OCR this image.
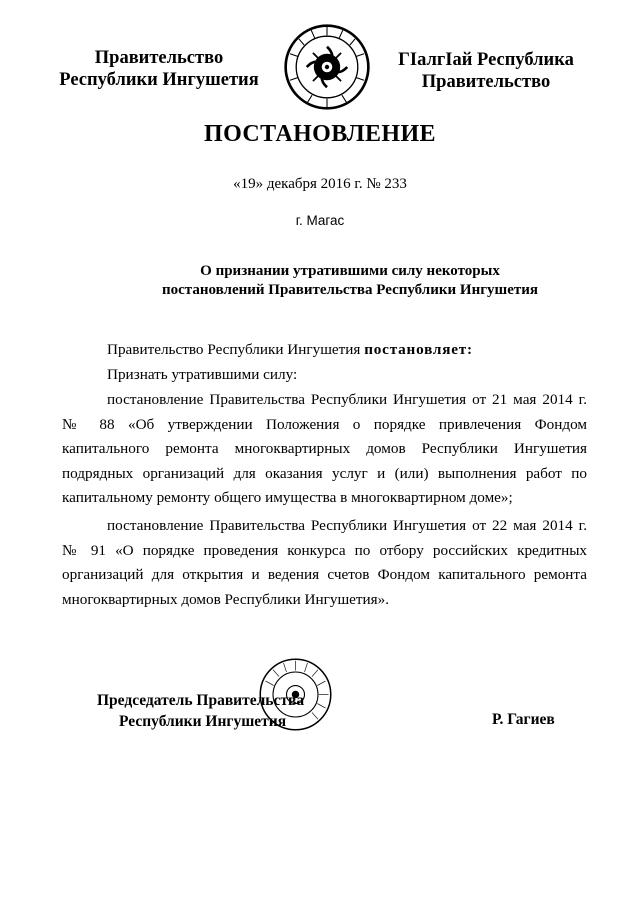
Правительство
Республики Ингушетия
ГIалгIай Республика
Правительство
ПОСТАНОВЛЕНИЕ
«19» декабря 2016 г. № 233
г. Магас
О признании утратившими силу некоторых
постановлений Правительства Республики Ингушетия

Правительство Республики Ингушетия постановляет:

Признать утратившими силу:

постановление Правительства Республики Ингушетия от 21 мая 2014 г. № 88 «Об утверждении Положения о порядке привлечения Фондом капитального ремонта многоквартирных домов Республики Ингушетия подрядных организаций для оказания услуг и (или) выполнения работ по капитальному ремонту общего имущества в многоквартирном доме»;

постановление Правительства Республики Ингушетия от 22 мая 2014 г. № 91 «О порядке проведения конкурса по отбору российских кредитных организаций для открытия и ведения счетов Фондом капитального ремонта многоквартирных домов Республики Ингушетия».

Председатель Правительства
Республики Ингушетия	Р. Гагиев
